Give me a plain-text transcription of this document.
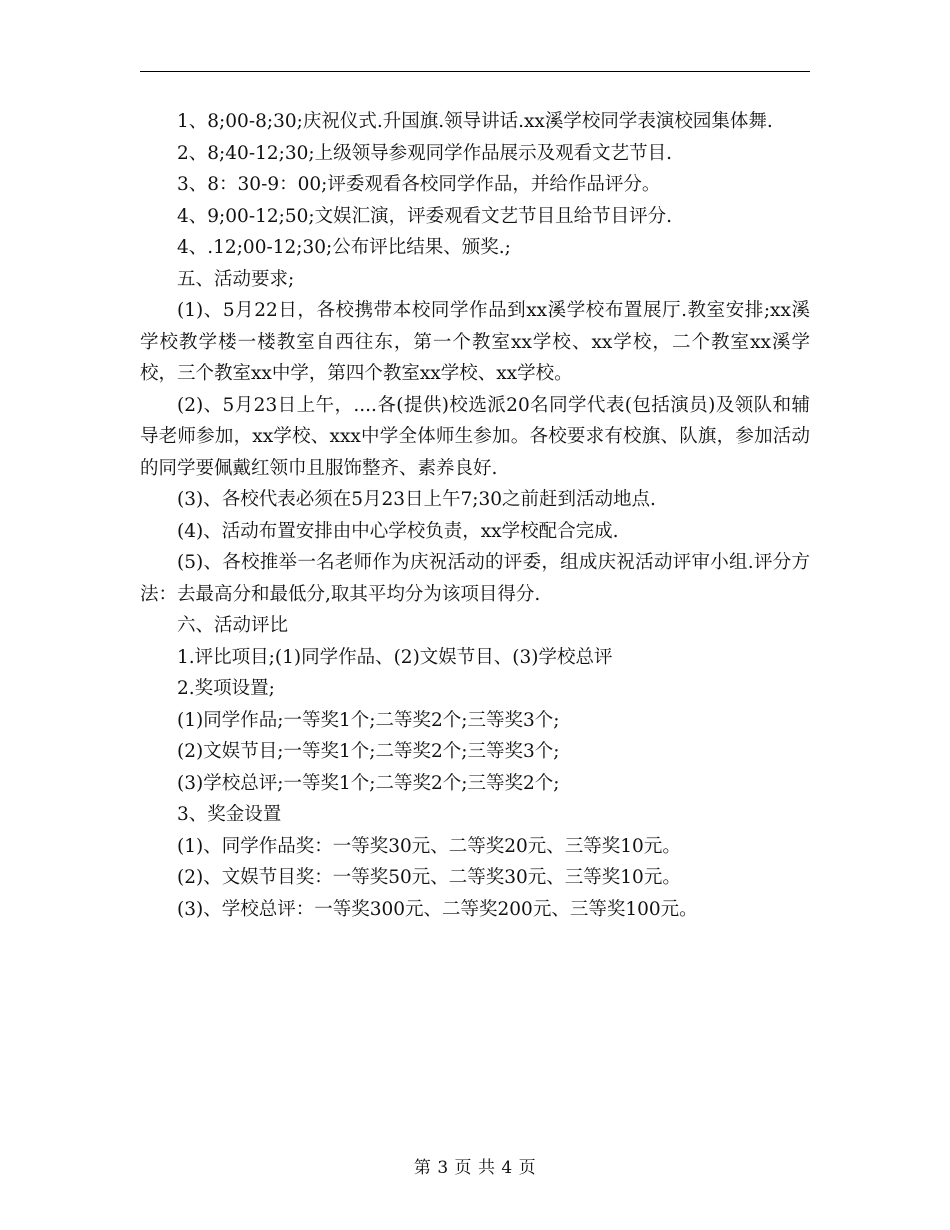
1、8;00-8;30;庆祝仪式.升国旗.领导讲话.xx溪学校同学表演校园集体舞.

2、8;40-12;30;上级领导参观同学作品展示及观看文艺节目.

3、8：30-9：00;评委观看各校同学作品，并给作品评分。

4、9;00-12;50;文娱汇演，评委观看文艺节目且给节目评分.

4、.12;00-12;30;公布评比结果、颁奖.;

五、活动要求;

(1)、5月22日，各校携带本校同学作品到xx溪学校布置展厅.教室安排;xx溪学校教学楼一楼教室自西往东，第一个教室xx学校、xx学校，二个教室xx溪学校，三个教室xx中学，第四个教室xx学校、xx学校。

(2)、5月23日上午，....各(提供)校选派20名同学代表(包括演员)及领队和辅导老师参加，xx学校、xxx中学全体师生参加。各校要求有校旗、队旗，参加活动的同学要佩戴红领巾且服饰整齐、素养良好.

(3)、各校代表必须在5月23日上午7;30之前赶到活动地点.

(4)、活动布置安排由中心学校负责，xx学校配合完成.

(5)、各校推举一名老师作为庆祝活动的评委，组成庆祝活动评审小组.评分方法：去最高分和最低分,取其平均分为该项目得分.

六、活动评比

1.评比项目;(1)同学作品、(2)文娱节目、(3)学校总评

2.奖项设置;

(1)同学作品;一等奖1个;二等奖2个;三等奖3个;

(2)文娱节目;一等奖1个;二等奖2个;三等奖3个;

(3)学校总评;一等奖1个;二等奖2个;三等奖2个;

3、奖金设置

(1)、同学作品奖：一等奖30元、二等奖20元、三等奖10元。

(2)、文娱节目奖：一等奖50元、二等奖30元、三等奖10元。

(3)、学校总评：一等奖300元、二等奖200元、三等奖100元。

第 3 页 共 4 页
